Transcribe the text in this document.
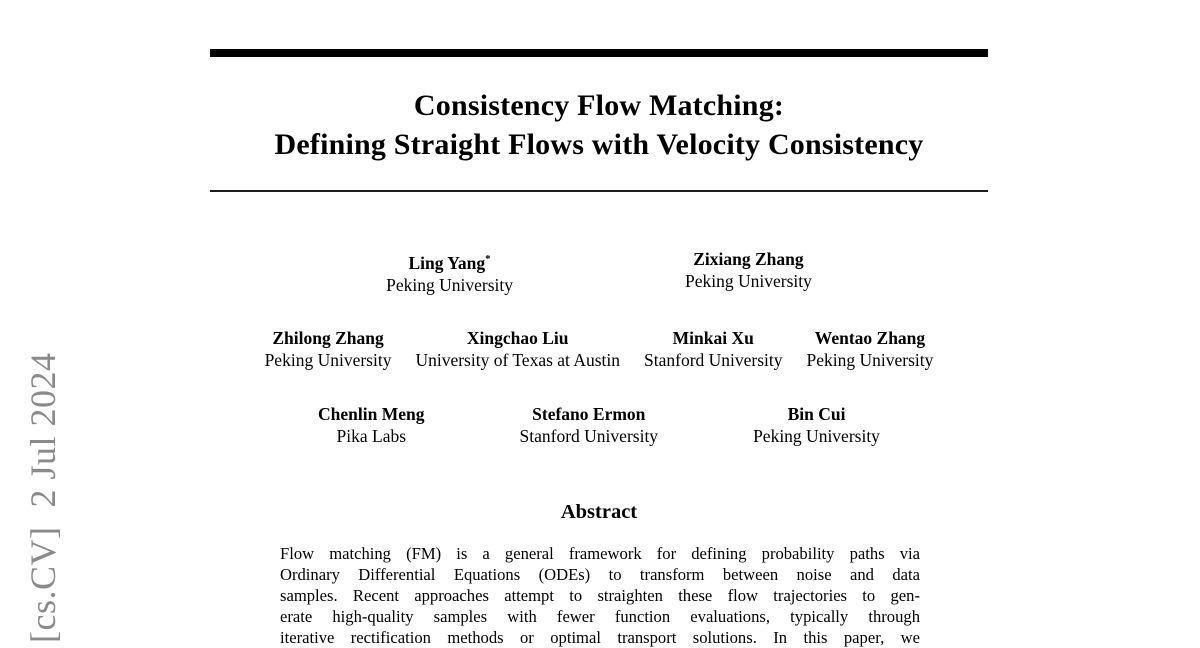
Consistency Flow Matching:
Defining Straight Flows with Velocity Consistency
Ling Yang*
Peking University
Zixiang Zhang
Peking University
Zhilong Zhang
Peking University
Xingchao Liu
University of Texas at Austin
Minkai Xu
Stanford University
Wentao Zhang
Peking University
Chenlin Meng
Pika Labs
Stefano Ermon
Stanford University
Bin Cui
Peking University
Abstract
Flow matching (FM) is a general framework for defining probability paths via
Ordinary Differential Equations (ODEs) to transform between noise and data
samples. Recent approaches attempt to straighten these flow trajectories to gen-
erate high-quality samples with fewer function evaluations, typically through
iterative rectification methods or optimal transport solutions. In this paper, we
[cs.CV]  2 Jul 2024
